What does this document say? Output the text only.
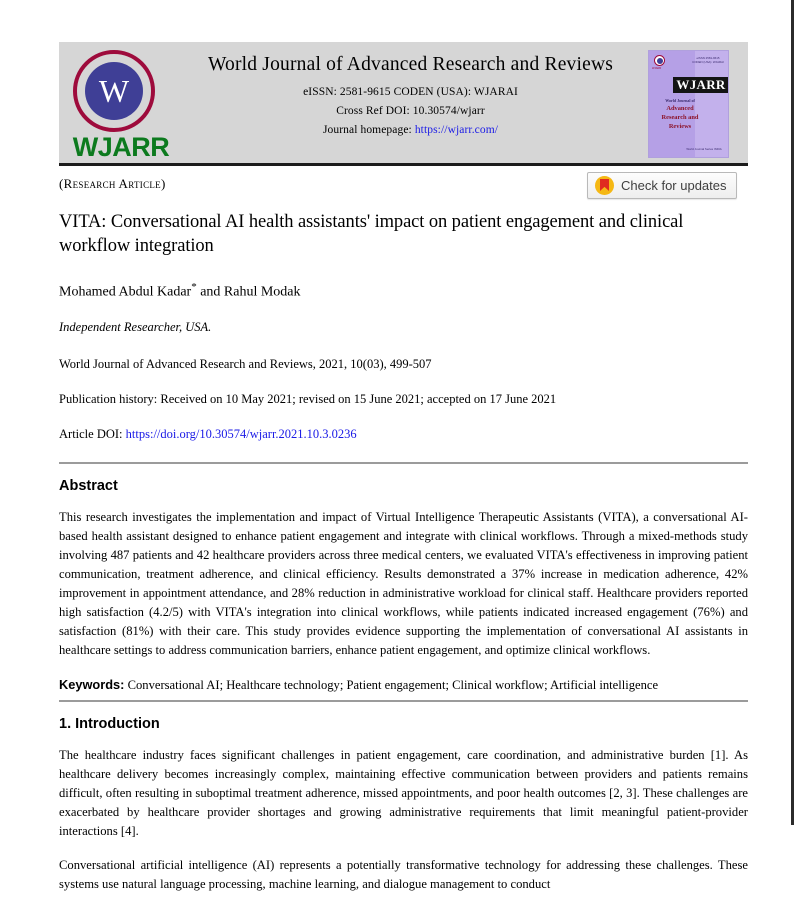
W
WJARR
World Journal of Advanced Research and Reviews
eISSN: 2581-9615 CODEN (USA): WJARAI
Cross Ref DOI: 10.30574/wjarr
Journal homepage: https://wjarr.com/
WJARR
eISSN 2581-9615 CODEN (USA): WJARAI
WJARR
World Journal of
Advanced
Research and
Reviews
World Journal Series INDIA
(Research Article)	Check for updates
VITA: Conversational AI health assistants' impact on patient engagement and clinical workflow integration
Mohamed Abdul Kadar* and Rahul Modak
Independent Researcher, USA.
World Journal of Advanced Research and Reviews, 2021, 10(03), 499-507
Publication history: Received on 10 May 2021; revised on 15 June 2021; accepted on 17 June 2021
Article DOI: https://doi.org/10.30574/wjarr.2021.10.3.0236
Abstract

This research investigates the implementation and impact of Virtual Intelligence Therapeutic Assistants (VITA), a conversational AI-based health assistant designed to enhance patient engagement and integrate with clinical workflows. Through a mixed-methods study involving 487 patients and 42 healthcare providers across three medical centers, we evaluated VITA's effectiveness in improving patient communication, treatment adherence, and clinical efficiency. Results demonstrated a 37% increase in medication adherence, 42% improvement in appointment attendance, and 28% reduction in administrative workload for clinical staff. Healthcare providers reported high satisfaction (4.2/5) with VITA's integration into clinical workflows, while patients indicated increased engagement (76%) and satisfaction (81%) with their care. This study provides evidence supporting the implementation of conversational AI assistants in healthcare settings to address communication barriers, enhance patient engagement, and optimize clinical workflows.

Keywords: Conversational AI; Healthcare technology; Patient engagement; Clinical workflow; Artificial intelligence
1. Introduction

The healthcare industry faces significant challenges in patient engagement, care coordination, and administrative burden [1]. As healthcare delivery becomes increasingly complex, maintaining effective communication between providers and patients remains difficult, often resulting in suboptimal treatment adherence, missed appointments, and poor health outcomes [2, 3]. These challenges are exacerbated by healthcare provider shortages and growing administrative requirements that limit meaningful patient-provider interactions [4].

Conversational artificial intelligence (AI) represents a potentially transformative technology for addressing these challenges. These systems use natural language processing, machine learning, and dialogue management to conduct
